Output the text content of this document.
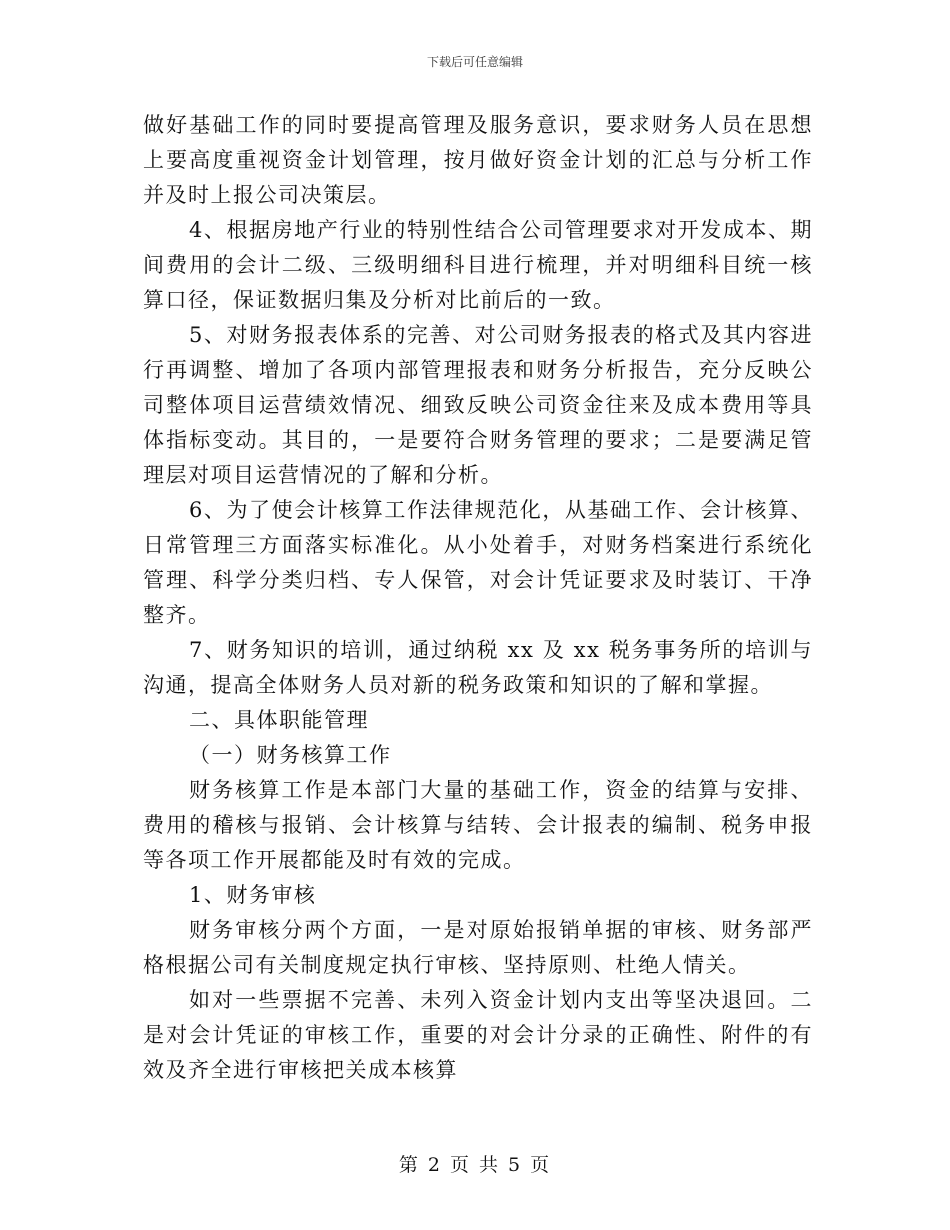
下载后可任意编辑

做好基础工作的同时要提高管理及服务意识，要求财务人员在思想上要高度重视资金计划管理，按月做好资金计划的汇总与分析工作并及时上报公司决策层。

4、根据房地产行业的特别性结合公司管理要求对开发成本、期间费用的会计二级、三级明细科目进行梳理，并对明细科目统一核算口径，保证数据归集及分析对比前后的一致。

5、对财务报表体系的完善、对公司财务报表的格式及其内容进行再调整、增加了各项内部管理报表和财务分析报告，充分反映公司整体项目运营绩效情况、细致反映公司资金往来及成本费用等具体指标变动。其目的，一是要符合财务管理的要求；二是要满足管理层对项目运营情况的了解和分析。

6、为了使会计核算工作法律规范化，从基础工作、会计核算、日常管理三方面落实标准化。从小处着手，对财务档案进行系统化管理、科学分类归档、专人保管，对会计凭证要求及时装订、干净整齐。

7、财务知识的培训，通过纳税 xx 及 xx 税务事务所的培训与沟通，提高全体财务人员对新的税务政策和知识的了解和掌握。

二、具体职能管理

（一）财务核算工作

财务核算工作是本部门大量的基础工作，资金的结算与安排、费用的稽核与报销、会计核算与结转、会计报表的编制、税务申报等各项工作开展都能及时有效的完成。

1、财务审核

财务审核分两个方面，一是对原始报销单据的审核、财务部严格根据公司有关制度规定执行审核、坚持原则、杜绝人情关。

如对一些票据不完善、未列入资金计划内支出等坚决退回。二是对会计凭证的审核工作，重要的对会计分录的正确性、附件的有效及齐全进行审核把关成本核算

第 2 页 共 5 页
